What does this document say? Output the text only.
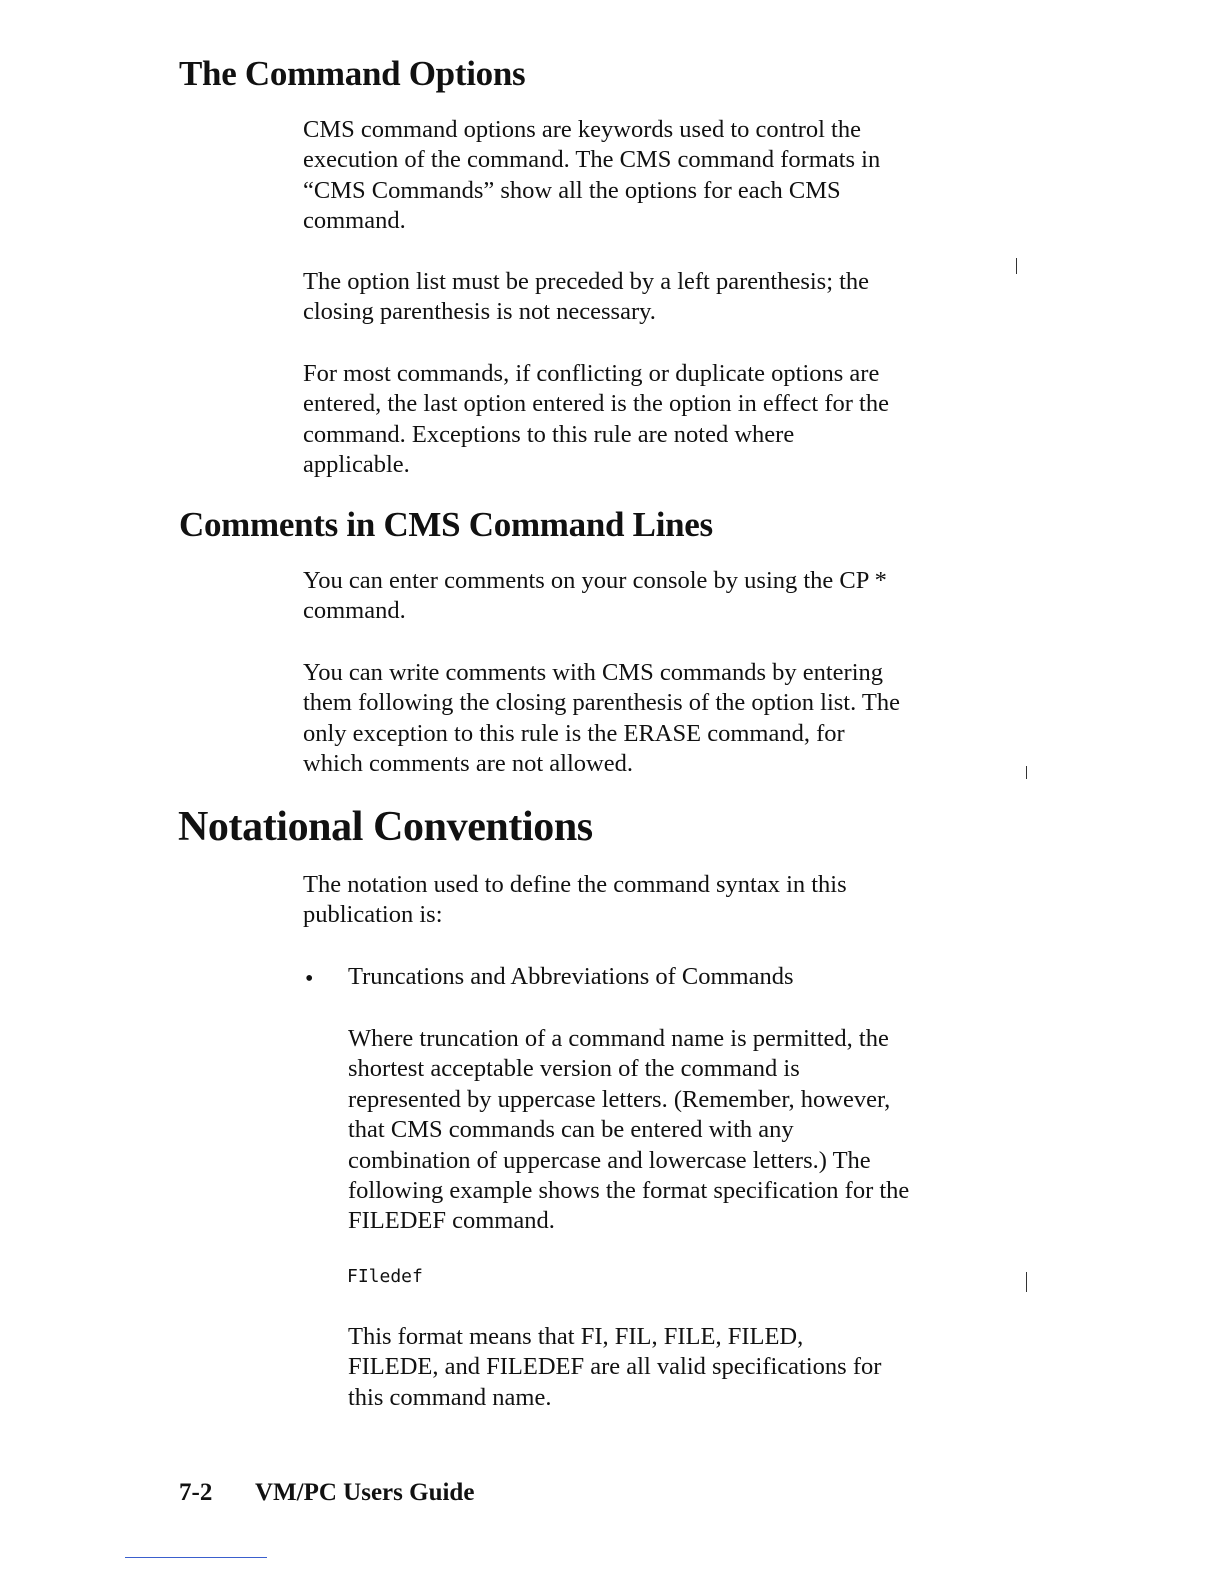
The Command Options

CMS command options are keywords used to control the
execution of the command. The CMS command formats in
“CMS Commands” show all the options for each CMS
command.

The option list must be preceded by a left parenthesis; the
closing parenthesis is not necessary.

For most commands, if conflicting or duplicate options are
entered, the last option entered is the option in effect for the
command. Exceptions to this rule are noted where
applicable.

Comments in CMS Command Lines

You can enter comments on your console by using the CP *
command.

You can write comments with CMS commands by entering
them following the closing parenthesis of the option list. The
only exception to this rule is the ERASE command, for
which comments are not allowed.

Notational Conventions

The notation used to define the command syntax in this
publication is:

• Truncations and Abbreviations of Commands

Where truncation of a command name is permitted, the
shortest acceptable version of the command is
represented by uppercase letters. (Remember, however,
that CMS commands can be entered with any
combination of uppercase and lowercase letters.) The
following example shows the format specification for the
FILEDEF command.

FIledef

This format means that FI, FIL, FILE, FILED,
FILEDE, and FILEDEF are all valid specifications for
this command name.

7-2 VM/PC Users Guide
